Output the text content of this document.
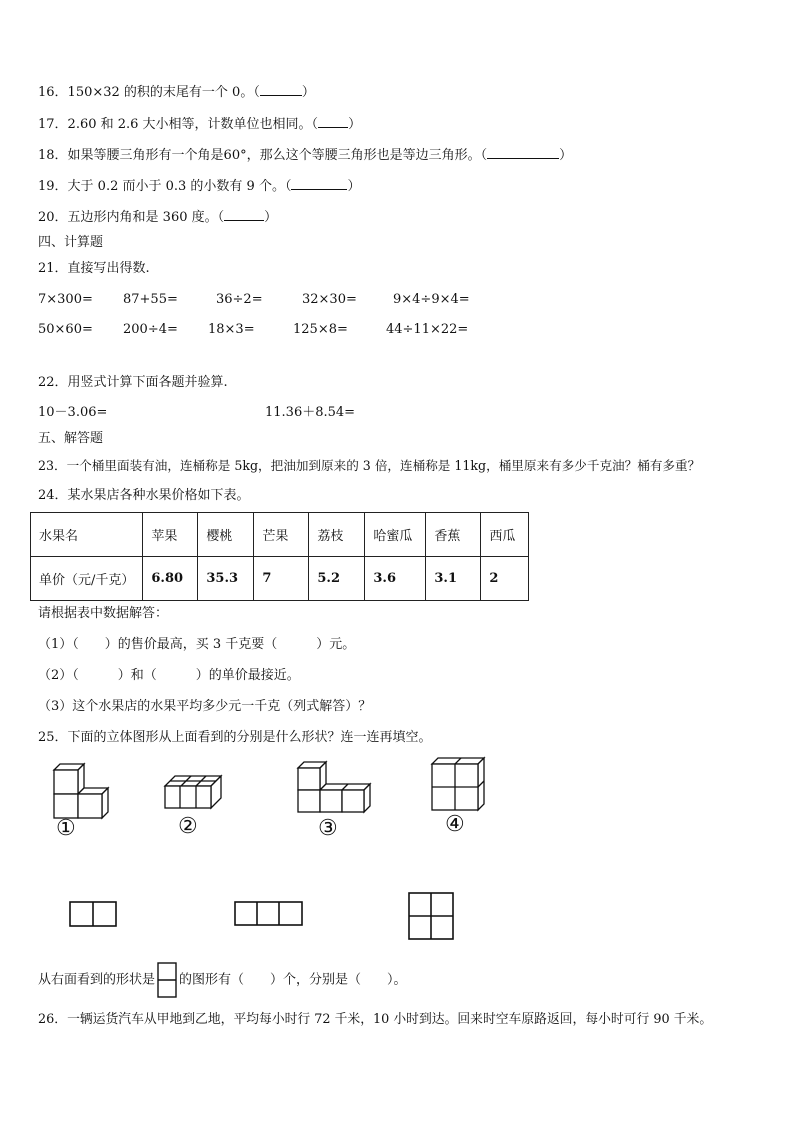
16．150×32 的积的末尾有一个 0。（	）
17．2.60 和 2.6 大小相等，计数单位也相同。（ ）
18．如果等腰三角形有一个角是60°，那么这个等腰三角形也是等边三角形。（	）
19．大于 0.2 而小于 0.3 的小数有 9 个。（	）
20．五边形内角和是 360 度。（	）
四、计算题
21．直接写出得数.
7×300= 87+55=	36÷2=	32×30=	9×4÷9×4=
50×60= 200÷4= 18×3=	125×8=	44÷11×22=
22．用竖式计算下面各题并验算.
10－3.06=	11.36＋8.54=
五、解答题
23．一个桶里面装有油，连桶称是 5kg，把油加到原来的 3 倍，连桶称是 11kg，桶里原来有多少千克油？桶有多重？
24．某水果店各种水果价格如下表。
水果名	苹果	樱桃	芒果	荔枝	哈蜜瓜	香蕉	西瓜
单价（元/千克）	6.80	35.3	7	5.2	3.6	3.1	2
请根据表中数据解答：
（1）（　　）的售价最高，买 3 千克要（　　　）元。
（2）（　　　）和（　　　）的单价最接近。
（3）这个水果店的水果平均多少元一千克（列式解答）？
25．下面的立体图形从上面看到的分别是什么形状？连一连再填空。
①	②	③	④
从右面看到的形状是 的图形有（　　）个，分别是（　　）。
26．一辆运货汽车从甲地到乙地，平均每小时行 72 千米，10 小时到达。回来时空车原路返回，每小时可行 90 千米。
